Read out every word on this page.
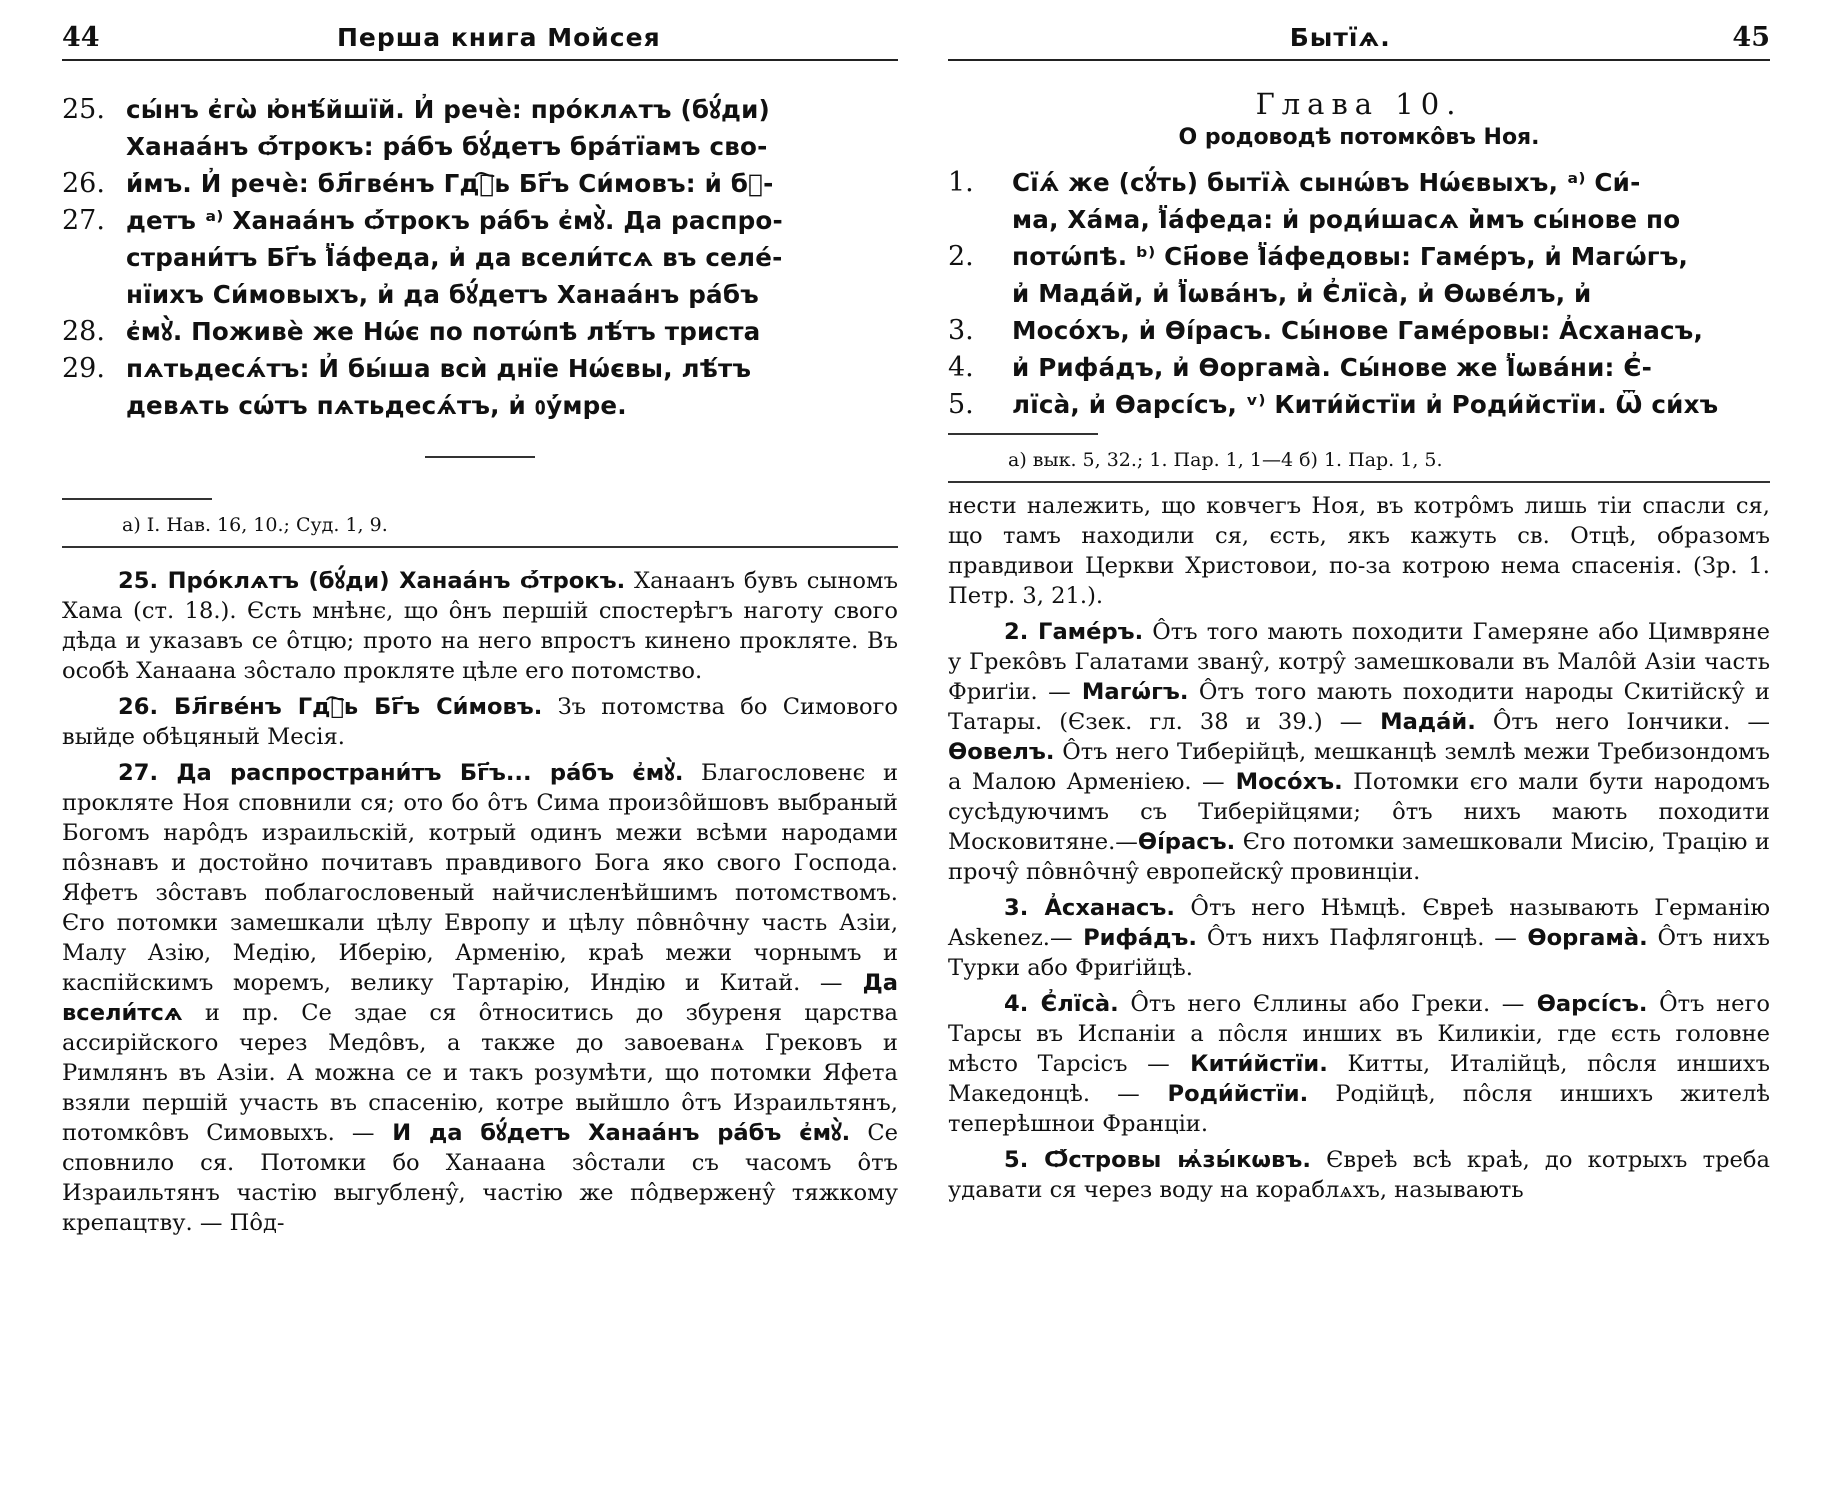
44	Перша книга Мойсея
25. сы́нъ є҆гѡ̀ ю҆нѣ́йшїй. И҆ речѐ: про́клѧтъ (бꙋ́ди)
Ханаа́нъ ѻ҆́трокъ: ра́бъ бꙋ́детъ бра́тїамъ сво-
26. и҆́мъ. И҆ речѐ: бл҃гве́нъ Гдⷭ҇ь Бг҃ъ Си́мовъ: и҆ бꙋ-
27. детъ ᵃ⁾ Ханаа́нъ ѻ҆́трокъ ра́бъ є҆мꙋ̀. Да распро-
страни́тъ Бг҃ъ Ї҆а́феда, и҆ да всели́тсѧ въ селе́-
нїихъ Си́мовыхъ, и҆ да бꙋ́детъ Ханаа́нъ ра́бъ
28. є҆мꙋ̀. Поживѐ же Нѡ́є по потѡ́пѣ лѣ́тъ триста
29. пѧтьдесѧ́тъ: И҆ бы́ша всѝ днїе Нѡ́євы, лѣ́тъ
девѧть сѡ́тъ пѧтьдесѧ́тъ, и҆ ᲂу҆́мре.
а) І. Нав. 16, 10.; Суд. 1, 9.

25. Про́клѧтъ (бꙋ́ди) Ханаа́нъ ѻ҆́трокъ. Ханаанъ бувъ сыномъ Хама (ст. 18.). Єсть мнѣнє, що ôнъ першій спостерѣгъ наготу свого дѣда и указавъ се ôтцю; прото на него впростъ кинено прокляте. Въ особѣ Ханаана зôстало прокляте цѣле его потомство.

26. Бл҃гве́нъ Гдⷭ҇ь Бг҃ъ Си́мовъ. Зъ потомства бо Симового выйде обѣцяный Месія.

27. Да распространи́тъ Бг҃ъ... ра́бъ є҆мꙋ̀. Благословенє и прокляте Ноя сповнили ся; ото бо ôтъ Сима произôйшовъ выбраный Богомъ нарôдъ израильскій, котрый одинъ межи всѣми народами пôзнавъ и достойно почитавъ правдивого Бога яко свого Господа. Яфетъ зôставъ поблагословеный найчисленѣйшимъ потомствомъ. Єго потомки замешкали цѣлу Европу и цѣлу пôвнôчну часть Азіи, Малу Азію, Медію, Иберію, Арменію, краѣ межи чорнымъ и каспійскимъ моремъ, велику Тартарію, Индію и Китай. — Да всели́тсѧ и пр. Се здае ся ôтноситись до збуреня царства ассирійского через Медôвъ, а также до завоеванѧ Грековъ и Римлянъ въ Азіи. А можна се и такъ розумѣти, що потомки Яфета взяли першій участь въ спасенію, котре выйшло ôтъ Израильтянъ, потомкôвъ Симовыхъ. — И да бꙋ́детъ Ханаа́нъ ра́бъ є҆мꙋ̀. Се сповнило ся. Потомки бо Ханаана зôстали съ часомъ ôтъ Израильтянъ частію выгубленŷ, частію же пôдверженŷ тяжкому крепацтву. — Пôд-

Бытїѧ.	45
Глава 10.
О родоводѣ потомкôвъ Ноя.
1.	Сїѧ́ же (сꙋ́ть) бытїѧ̀ сынѡ́въ Нѡ́євыхъ, ᵃ⁾ Си́-
ма, Ха́ма, Ї҆а́феда: и҆ роди́шасѧ и҆̀мъ сы́нове по
2.	потѡ́пѣ. ᵇ⁾ Сн҃ове Ї҆а́федовы: Гаме́ръ, и҆ Магѡ́гъ,
и҆ Мада́й, и҆ Ї҆ѡва́нъ, и҆ Є҆лїса̀, и҆ Ѳѡве́лъ, и҆
3.	Мосо́хъ, и҆ Ѳі́расъ. Сы́нове Гаме́ровы: А҆сханасъ,
4.	и҆ Рифа́дъ, и҆ Ѳоргама̀. Сы́нове же Ї҆ѡва́ни: Є҆-
5.	лїса̀, и҆ Ѳарсі́съ, ᵛ⁾ Кити́йстїи и҆ Роди́йстїи. Ѿ си́хъ
а) вык. 5, 32.; 1. Пар. 1, 1—4 б) 1. Пар. 1, 5.

нести належить, що ковчегъ Ноя, въ котрôмъ лишь тіи спасли ся, що тамъ находили ся, єсть, якъ кажуть св. Отцѣ, образомъ правдивои Церкви Христовои, по-за котрою нема спасенія. (Зр. 1. Петр. 3, 21.).

2. Гаме́ръ. Ôтъ того мають походити Гамеряне або Цимвряне у Грекôвъ Галатами званŷ, котрŷ замешковали въ Малôй Азіи часть Фриґіи. — Магѡ́гъ. Ôтъ того мають походити народы Скитійскŷ и Татары. (Єзек. гл. 38 и 39.) — Мада́й. Ôтъ него Іончики. — Ѳовелъ. Ôтъ него Тиберійцѣ, мешканцѣ землѣ межи Требизондомъ а Малою Арменіею. — Мосо́хъ. Потомки єго мали бути народомъ сусѣдуючимъ съ Тиберійцями; ôтъ нихъ мають походити Московитяне.—Ѳі́расъ. Єго потомки замешковали Мисію, Трацію и прочŷ пôвнôчнŷ европейскŷ провинціи.

3. А҆сханасъ. Ôтъ него Нѣмцѣ. Євреѣ называють Германію Askenez.— Рифа́дъ. Ôтъ нихъ Пафлягонцѣ. — Ѳоргама̀. Ôтъ нихъ Турки або Фриґійцѣ.

4. Є҆лїса̀. Ôтъ него Єллины або Греки. — Ѳарсі́съ. Ôтъ него Тарсы въ Испаніи а пôсля инших въ Киликіи, где єсть головне мѣсто Тарсісъ — Кити́йстїи. Китты, Италійцѣ, пôсля иншихъ Македонцѣ. — Роди́йстїи. Родійцѣ, пôсля иншихъ жителѣ теперѣшнои Франціи.

5. Ѻ҆́стровы ѩ҆зы́кѡвъ. Євреѣ всѣ краѣ, до котрыхъ треба удавати ся через воду на кораблѧхъ, называють
